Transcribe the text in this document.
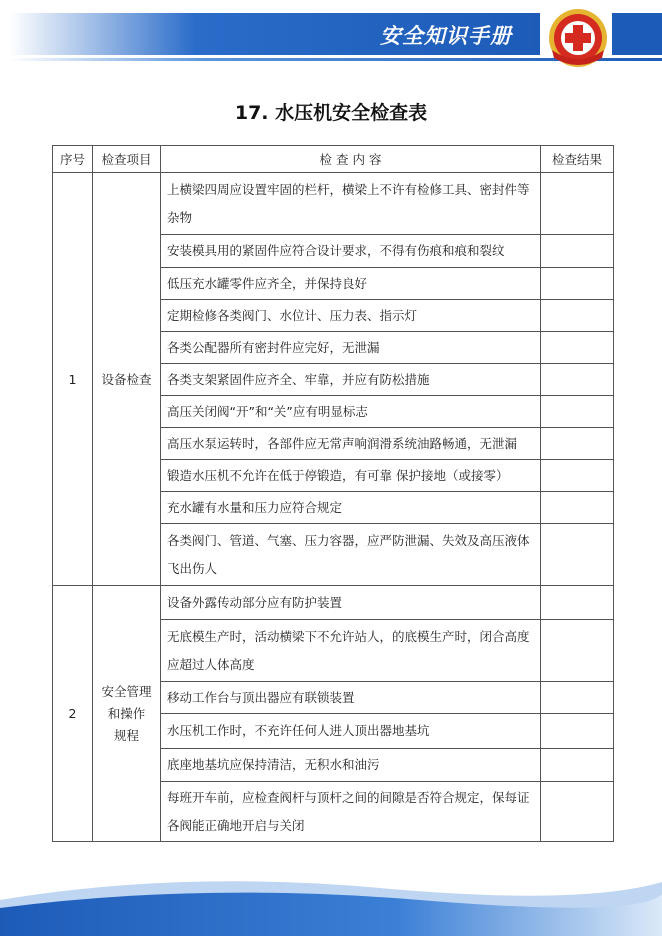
安全知识手册
17. 水压机安全检查表
序号	检查项目	检 查 内 容	检查结果
1	设备检查	上横梁四周应设置牢固的栏杆，横梁上不许有检修工具、密封件等杂物	
		安装模具用的紧固件应符合设计要求，不得有伤痕和痕和裂纹	
		低压充水罐零件应齐全，并保持良好	
		定期检修各类阀门、水位计、压力表、指示灯	
		各类公配器所有密封件应完好，无泄漏	
		各类支架紧固件应齐全、牢靠，并应有防松措施	
		高压关闭阀“开”和“关”应有明显标志	
		高压水泵运转时，各部件应无常声响润滑系统油路畅通，无泄漏	
		锻造水压机不允许在低于停锻造，有可靠 保护接地（或接零）	
		充水罐有水量和压力应符合规定	
		各类阀门、管道、气塞、压力容器，应严防泄漏、失效及高压液体飞出伤人	
2	安全管理
和操作
规程	设备外露传动部分应有防护装置	
		无底模生产时，活动横梁下不允许站人，的底模生产时，闭合高度应超过人体高度	
		移动工作台与顶出器应有联锁装置	
		水压机工作时，不充许任何人进人顶出器地基坑	
		底座地基坑应保持清洁，无积水和油污	
		每班开车前，应检查阀杆与顶杆之间的间隙是否符合规定，保每证各阀能正确地开启与关闭	
